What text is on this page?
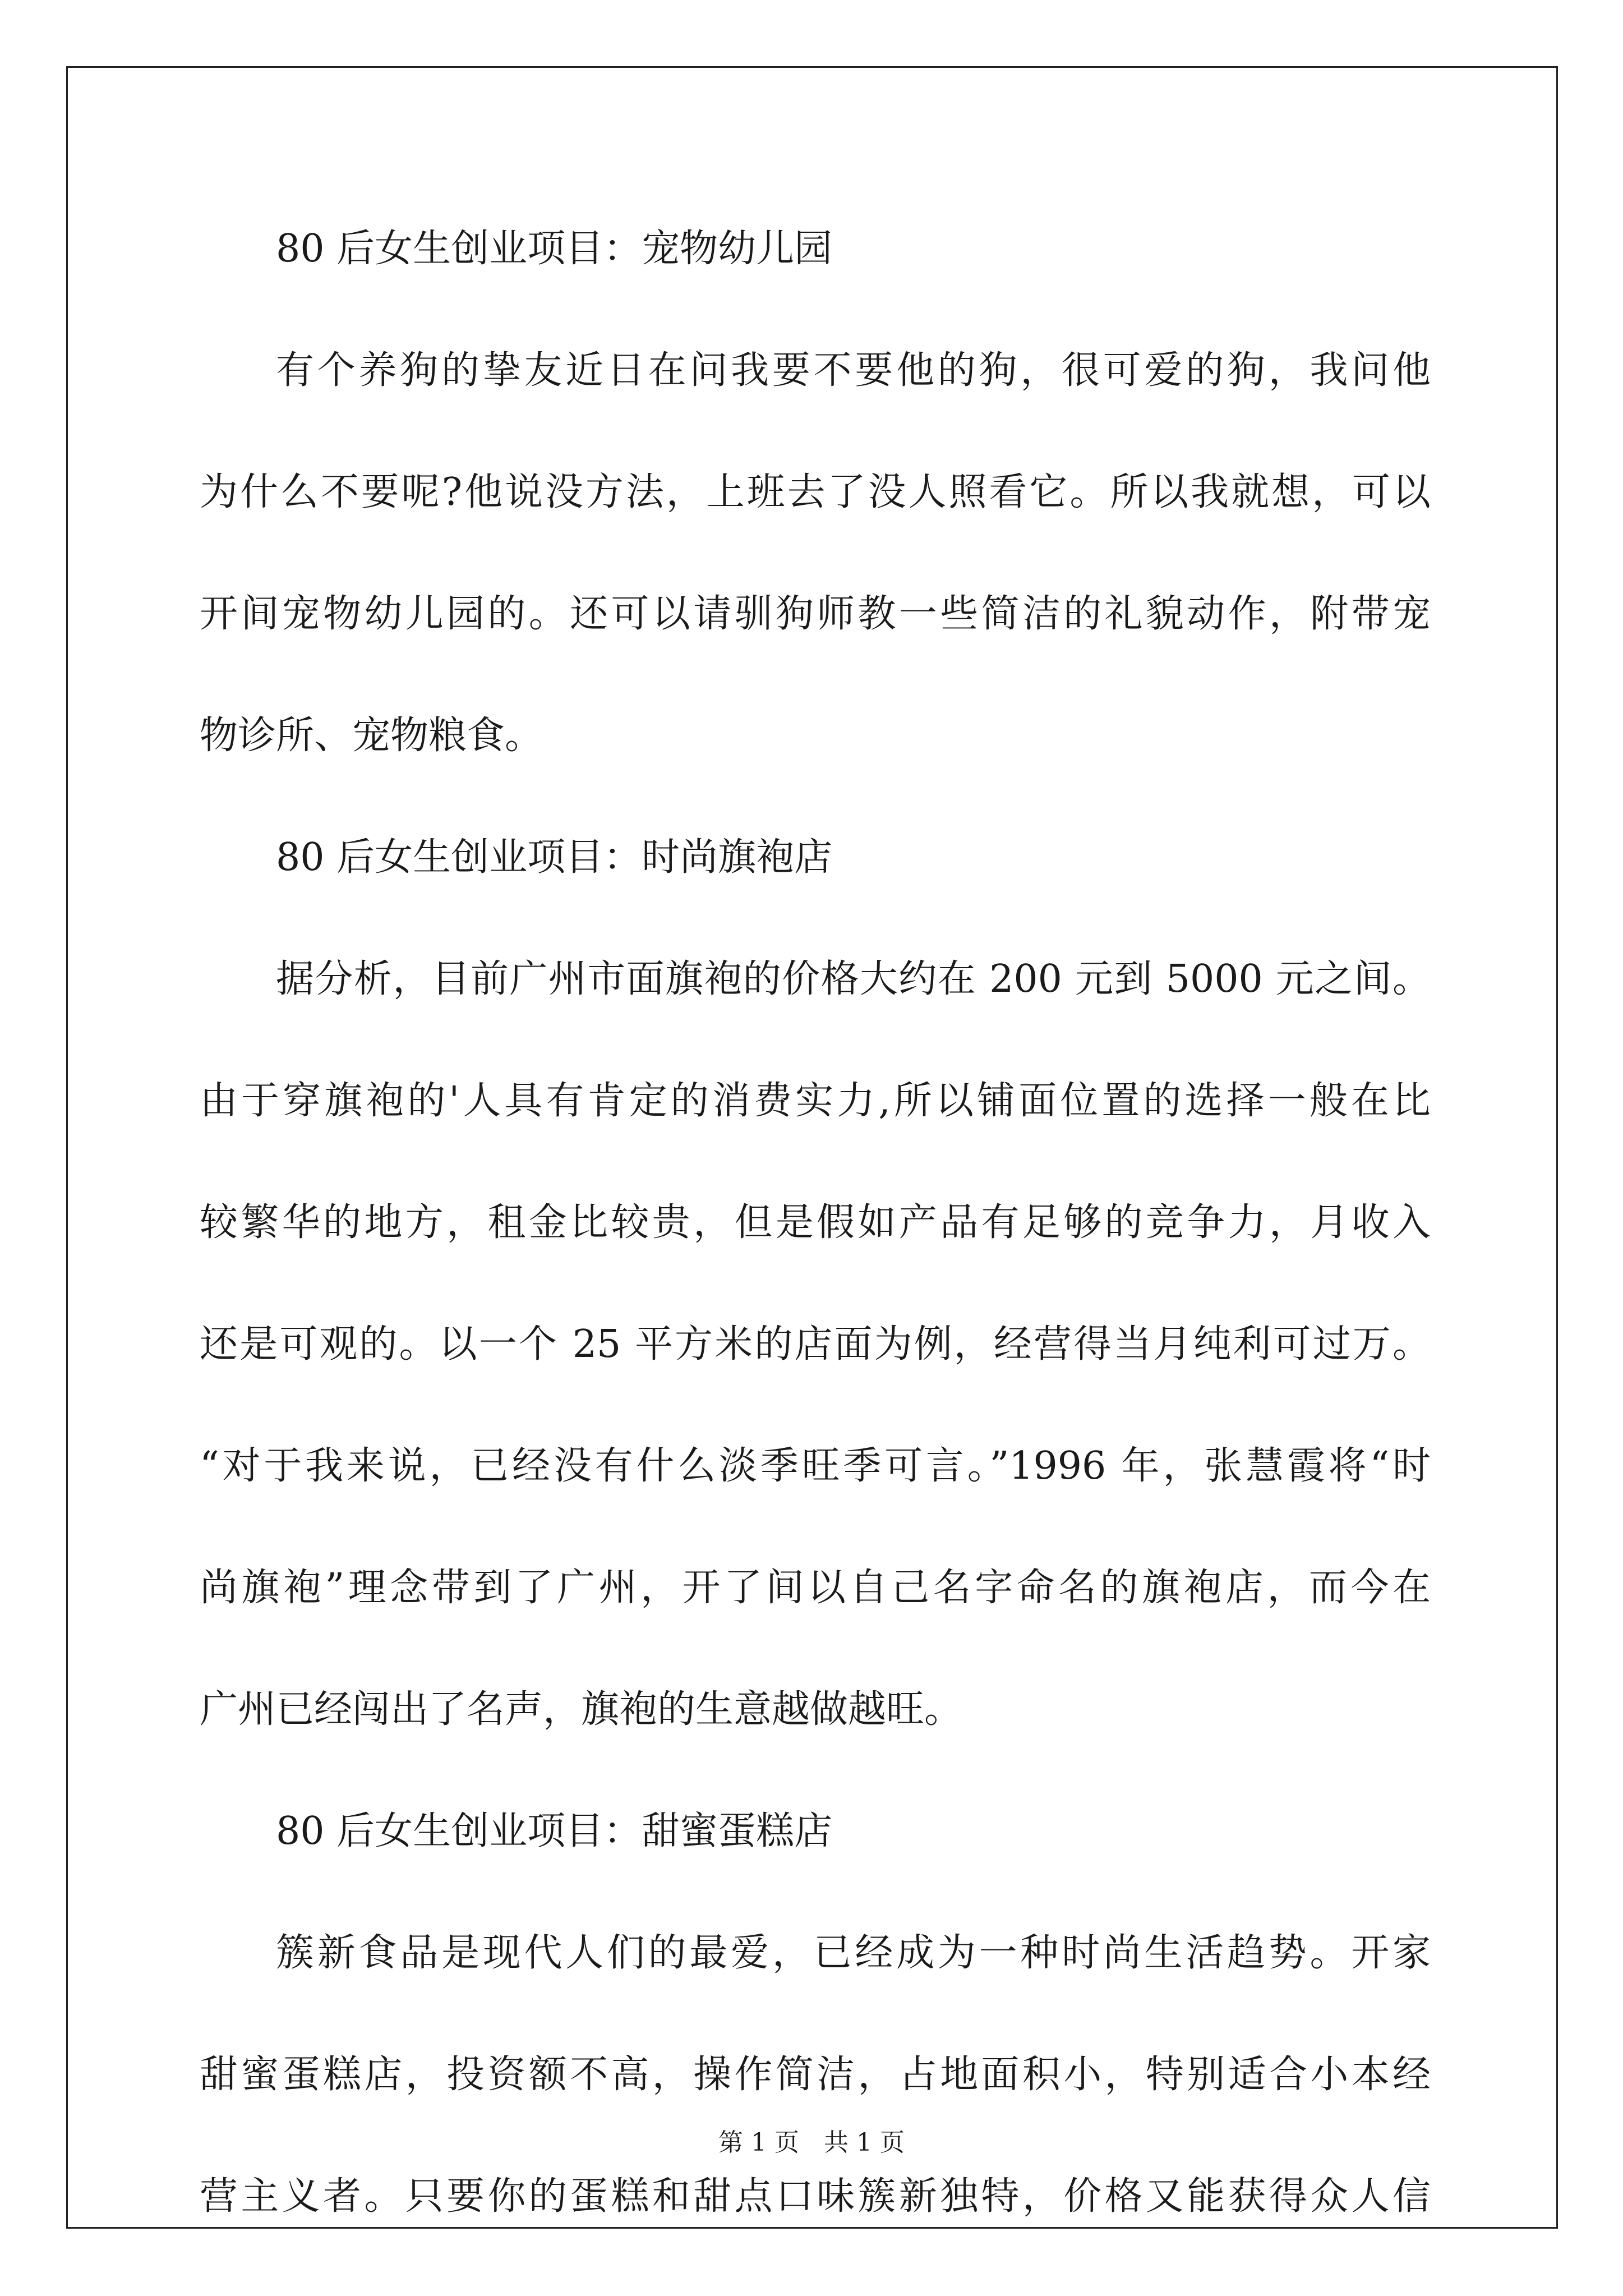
80 后女生创业项目：宠物幼儿园
有个养狗的挚友近日在问我要不要他的狗，很可爱的狗，我问他
为什么不要呢?他说没方法，上班去了没人照看它。所以我就想，可以
开间宠物幼儿园的。还可以请驯狗师教一些简洁的礼貌动作，附带宠
物诊所、宠物粮食。
80 后女生创业项目：时尚旗袍店
据分析，目前广州市面旗袍的价格大约在 200 元到 5000 元之间。
由于穿旗袍的'人具有肯定的消费实力,所以铺面位置的选择一般在比
较繁华的地方，租金比较贵，但是假如产品有足够的竞争力，月收入
还是可观的。以一个 25 平方米的店面为例，经营得当月纯利可过万。
“对于我来说，已经没有什么淡季旺季可言。”1996 年，张慧霞将“时
尚旗袍”理念带到了广州，开了间以自己名字命名的旗袍店，而今在
广州已经闯出了名声，旗袍的生意越做越旺。
80 后女生创业项目：甜蜜蛋糕店
簇新食品是现代人们的最爱，已经成为一种时尚生活趋势。开家
甜蜜蛋糕店，投资额不高，操作简洁，占地面积小，特别适合小本经
营主义者。只要你的蛋糕和甜点口味簇新独特，价格又能获得众人信
第 1 页　共 1 页
